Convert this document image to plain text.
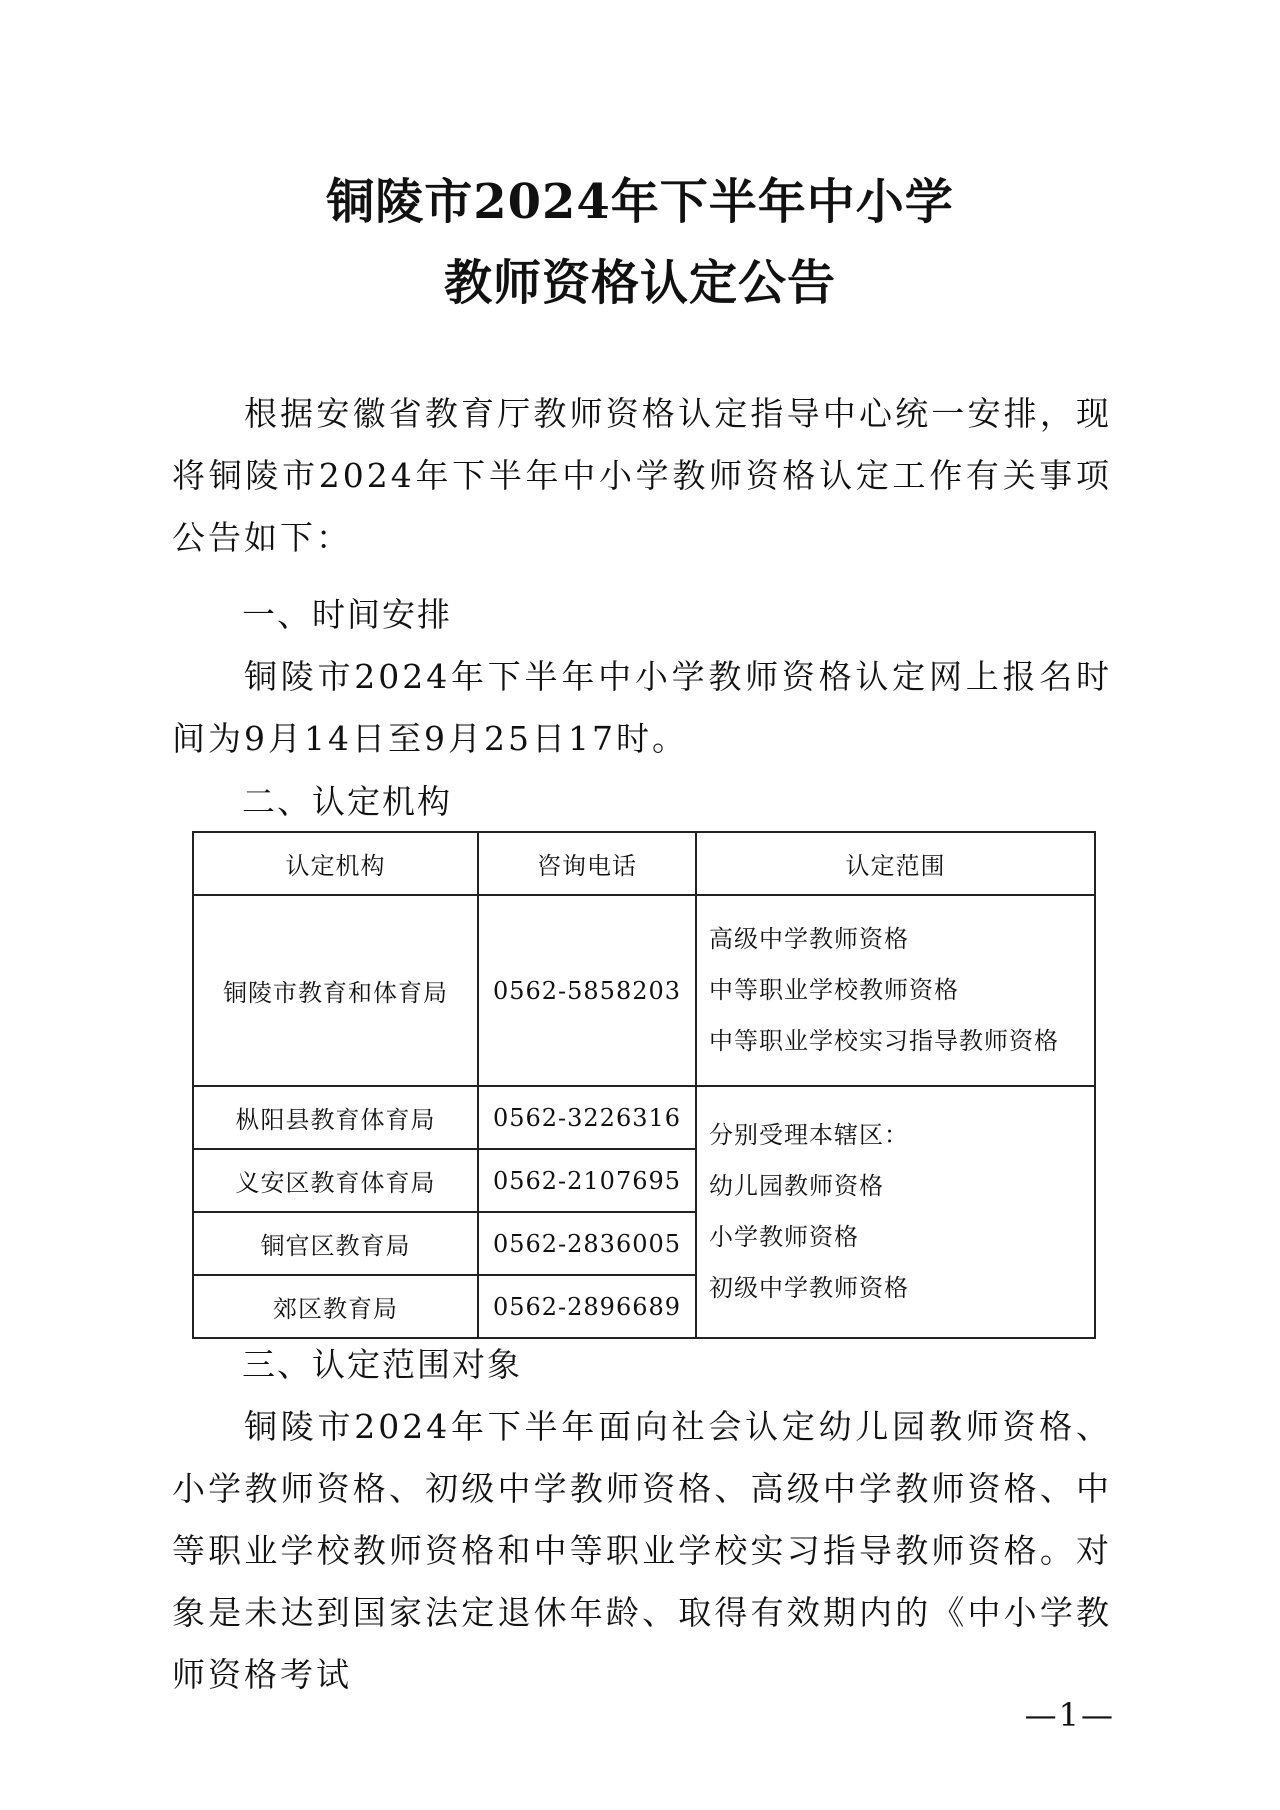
铜陵市2024年下半年中小学
教师资格认定公告
根据安徽省教育厅教师资格认定指导中心统一安排，现将铜陵市2024年下半年中小学教师资格认定工作有关事项公告如下：
一、时间安排
铜陵市2024年下半年中小学教师资格认定网上报名时间为9月14日至9月25日17时。
二、认定机构
认定机构	咨询电话	认定范围
铜陵市教育和体育局	0562-5858203	高级中学教师资格
中等职业学校教师资格
中等职业学校实习指导教师资格

枞阳县教育体育局	0562-3226316	分别受理本辖区：
幼儿园教师资格
小学教师资格
初级中学教师资格

义安区教育体育局	0562-2107695	
铜官区教育局	0562-2836005	
郊区教育局	0562-2896689	
三、认定范围对象
铜陵市2024年下半年面向社会认定幼儿园教师资格、小学教师资格、初级中学教师资格、高级中学教师资格、中等职业学校教师资格和中等职业学校实习指导教师资格。对象是未达到国家法定退休年龄、取得有效期内的《中小学教师资格考试
—1—
